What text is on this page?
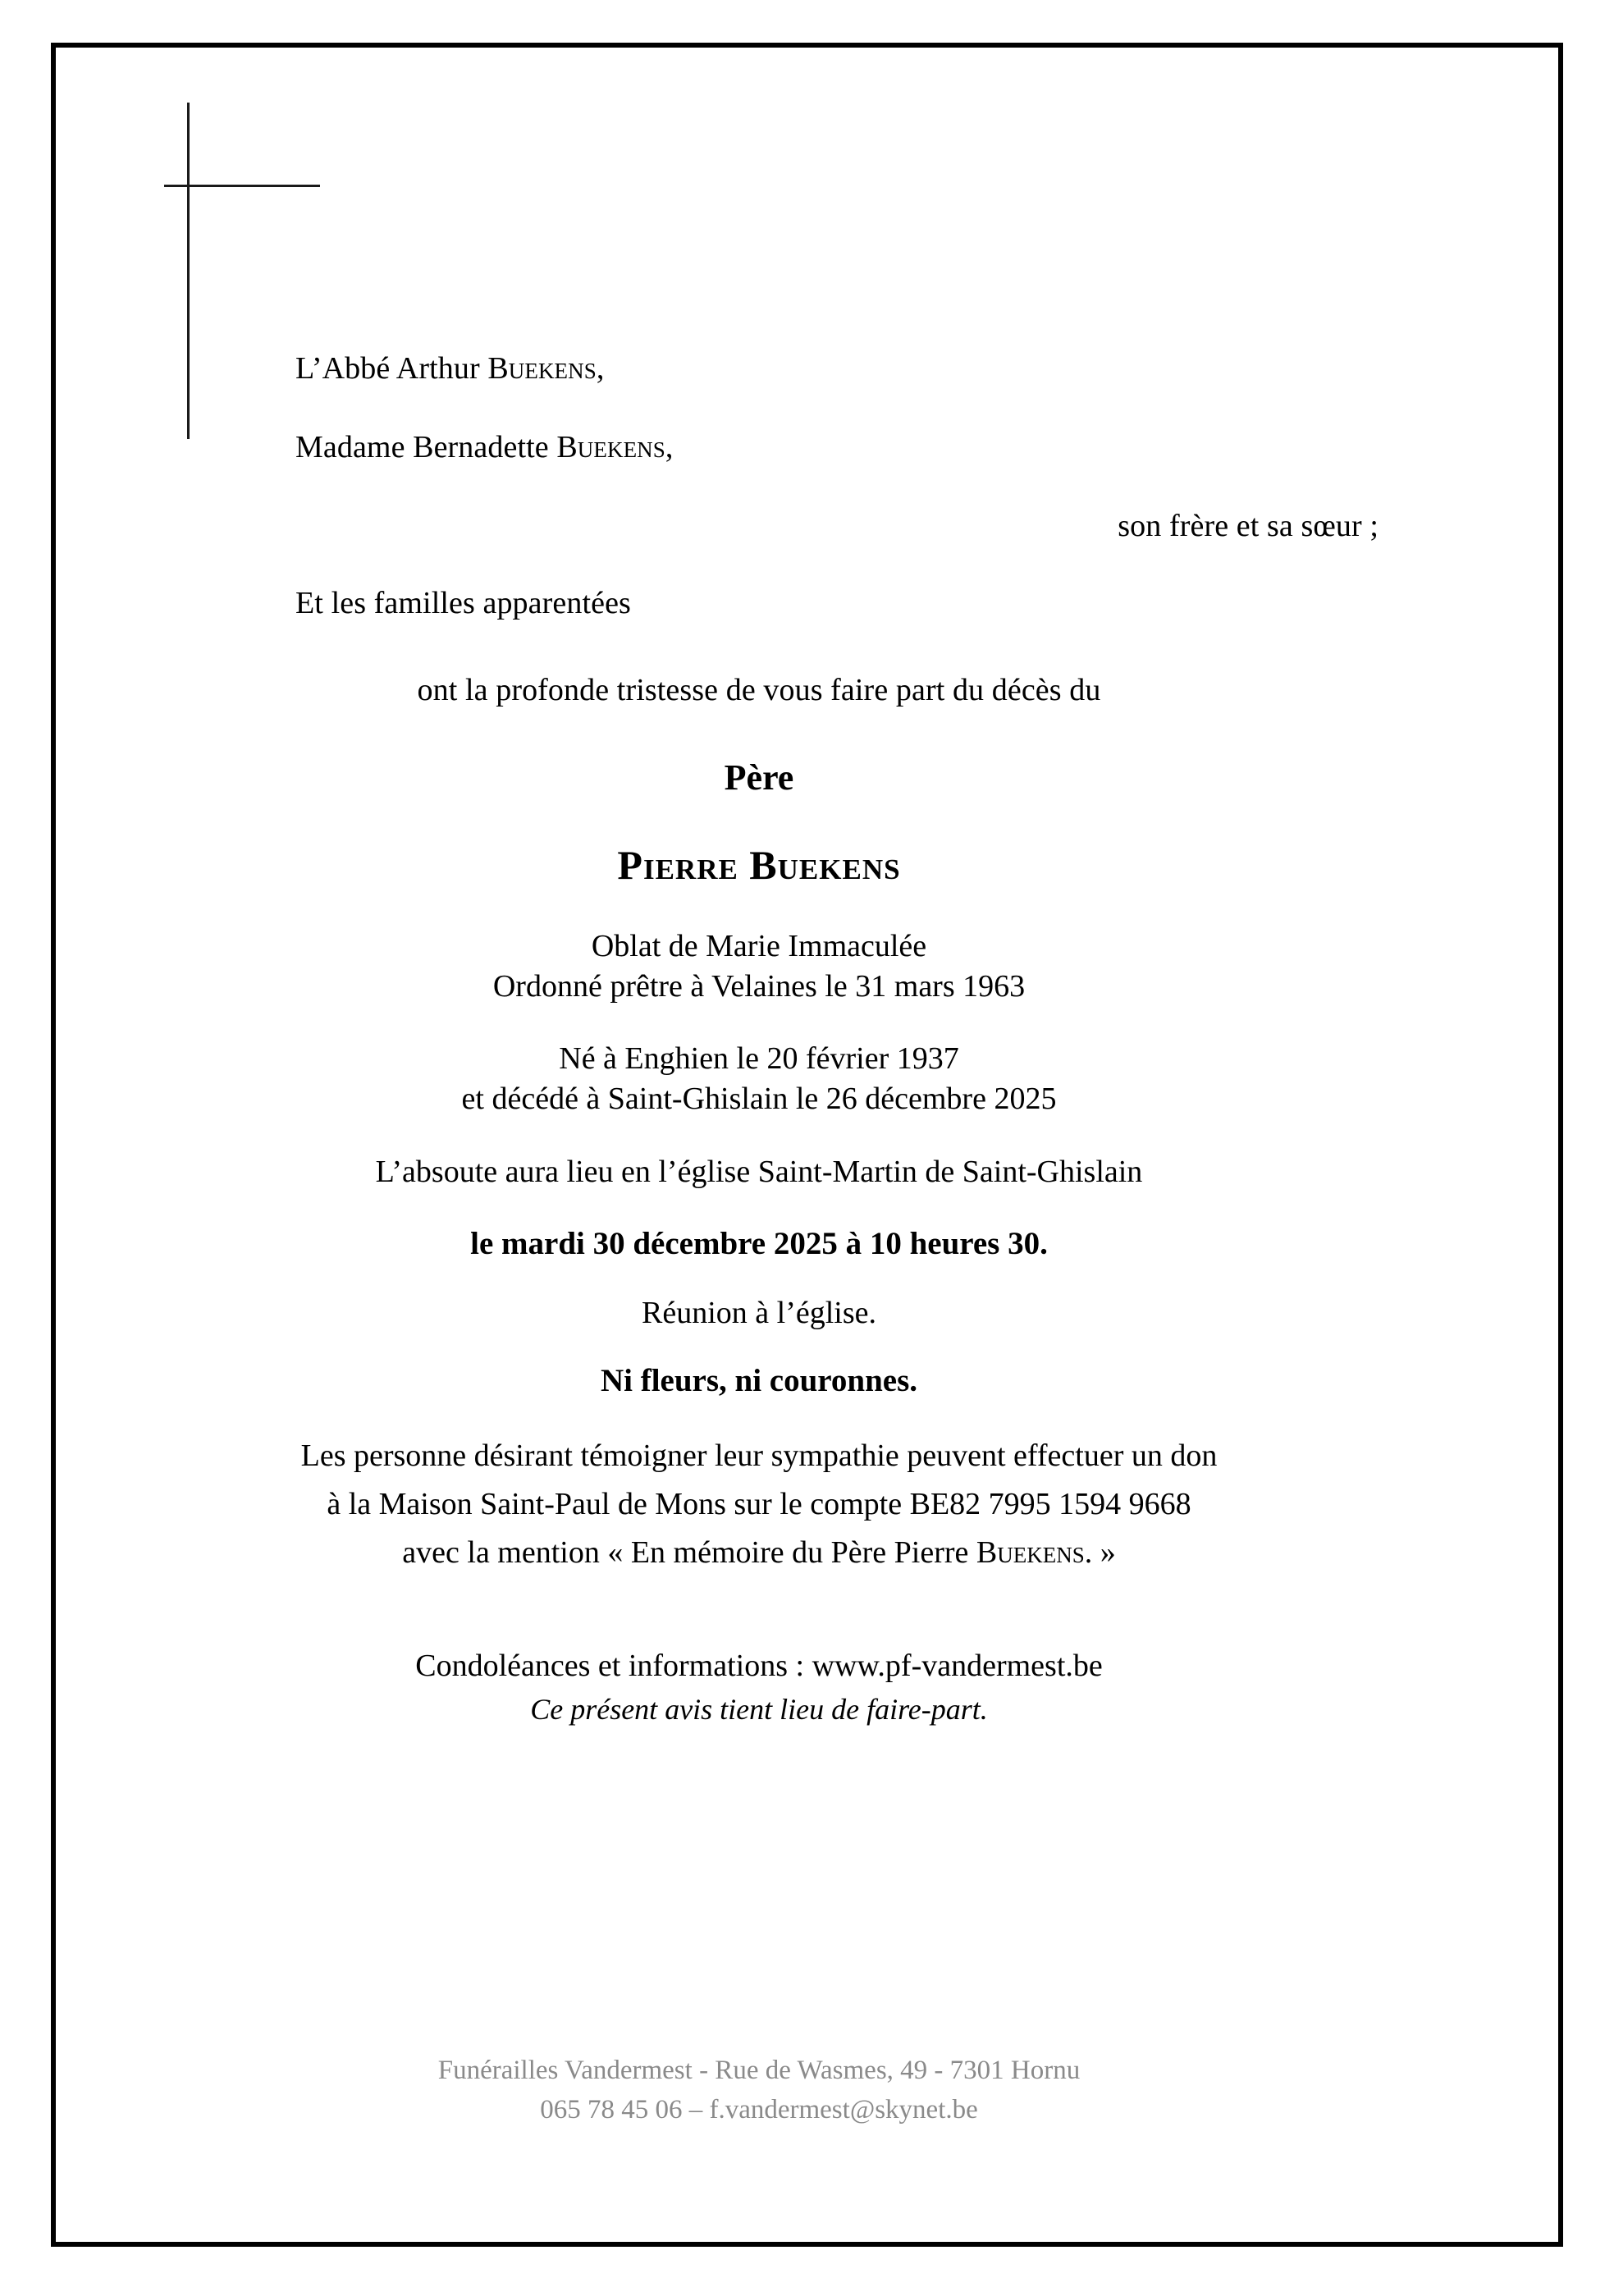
L’Abbé Arthur Buekens,
Madame Bernadette Buekens,
son frère et sa sœur ;
Et les familles apparentées
ont la profonde tristesse de vous faire part du décès du
Père
Pierre Buekens
Oblat de Marie Immaculée
Ordonné prêtre à Velaines le 31 mars 1963
Né à Enghien le 20 février 1937
et décédé à Saint-Ghislain le 26 décembre 2025
L’absoute aura lieu en l’église Saint-Martin de Saint-Ghislain
le mardi 30 décembre 2025 à 10 heures 30.
Réunion à l’église.
Ni fleurs, ni couronnes.
Les personne désirant témoigner leur sympathie peuvent effectuer un don
à la Maison Saint-Paul de Mons sur le compte BE82 7995 1594 9668
avec la mention « En mémoire du Père Pierre Buekens. »
Condoléances et informations : www.pf-vandermest.be
Ce présent avis tient lieu de faire-part.
Funérailles Vandermest - Rue de Wasmes, 49 - 7301 Hornu
065 78 45 06 – f.vandermest@skynet.be
